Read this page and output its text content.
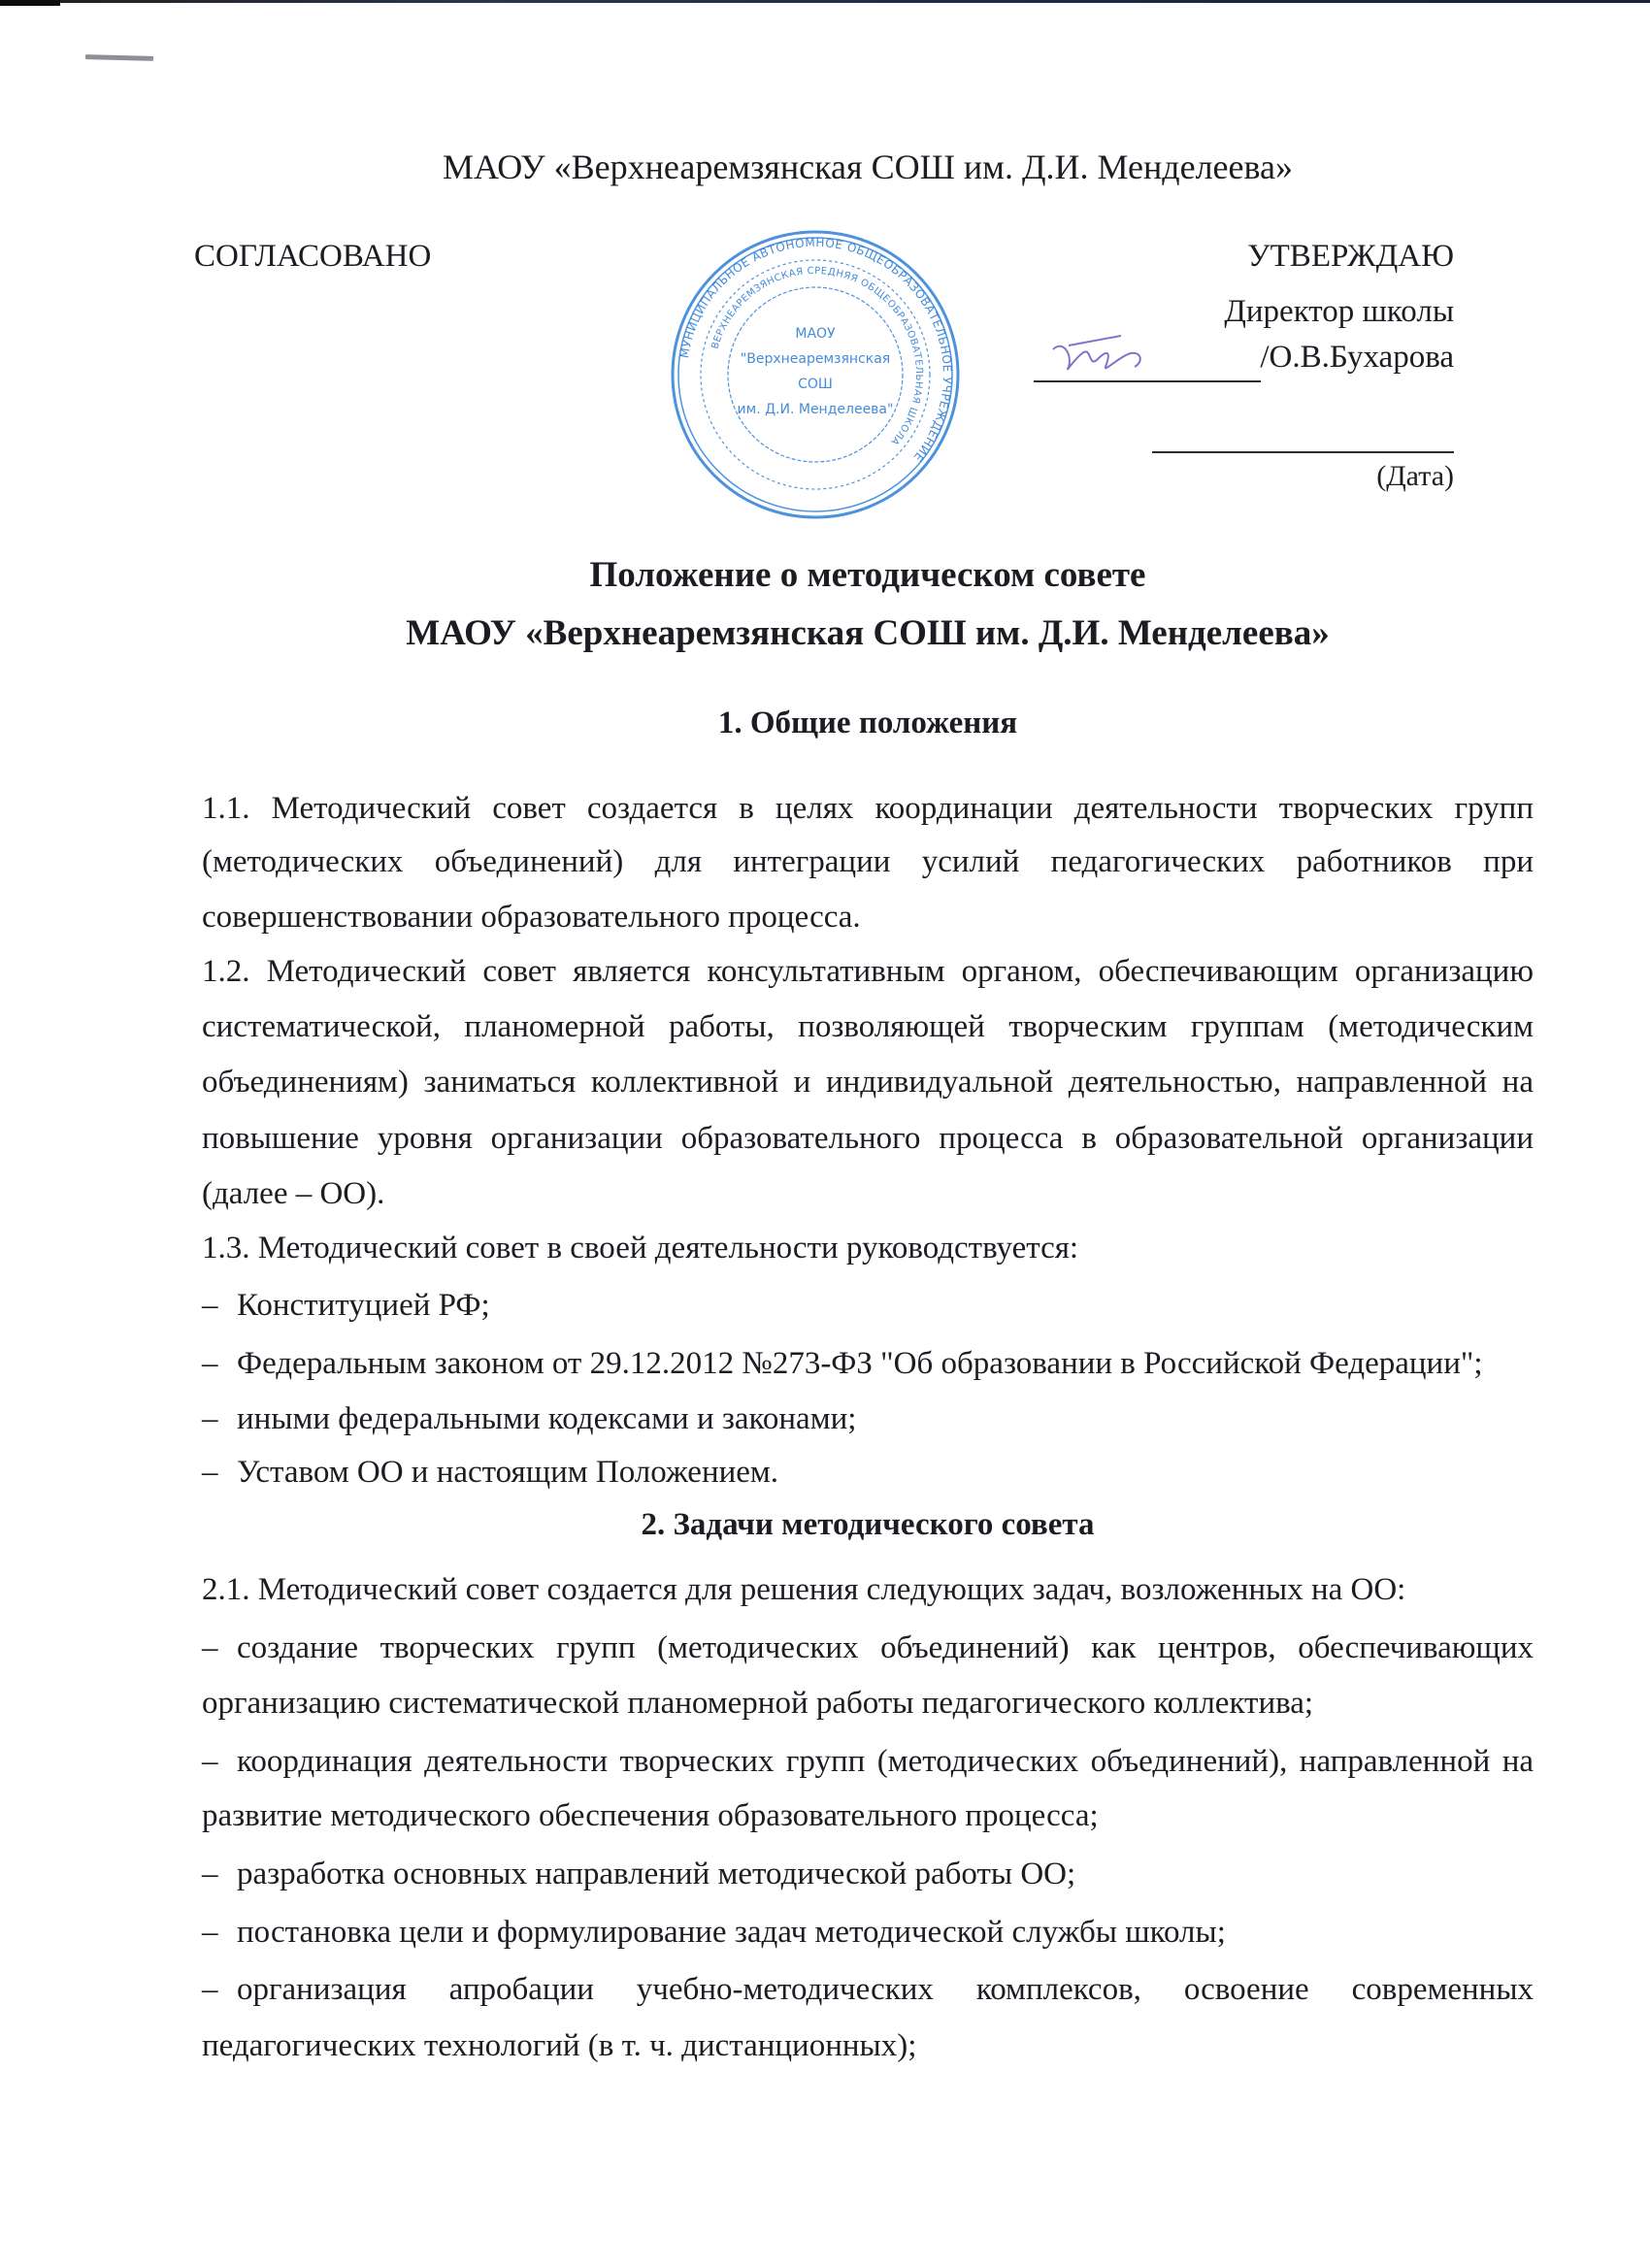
МАОУ «Верхнеаремзянская СОШ им. Д.И. Менделеева»
СОГЛАСОВАНО
МУНИЦИПАЛЬНОЕ АВТОНОМНОЕ ОБЩЕОБРАЗОВАТЕЛЬНОЕ УЧРЕЖДЕНИЕ
ВЕРХНЕАРЕМЗЯНСКАЯ СРЕДНЯЯ ОБЩЕОБРАЗОВАТЕЛЬНАЯ ШКОЛА
МАОУ
"Верхнеаремзянская
СОШ
им. Д.И. Менделеева"
УТВЕРЖДАЮ
Директор школы
/О.В.Бухарова
(Дата)
Положение о методическом совете
МАОУ «Верхнеаремзянская СОШ им. Д.И. Менделеева»
1. Общие положения
1.1. Методический совет создается в целях координации деятельности творческих групп
(методических объединений) для интеграции усилий педагогических работников при
совершенствовании образовательного процесса.
1.2. Методический совет является консультативным органом, обеспечивающим организацию
систематической, планомерной работы, позволяющей творческим группам (методическим
объединениям) заниматься коллективной и индивидуальной деятельностью, направленной на
повышение уровня организации образовательного процесса в образовательной организации
(далее – ОО).
1.3. Методический совет в своей деятельности руководствуется:
– Конституцией РФ;
– Федеральным законом от 29.12.2012 №273-ФЗ "Об образовании в Российской Федерации";
– иными федеральными кодексами и законами;
– Уставом ОО и настоящим Положением.
2. Задачи методического совета
2.1. Методический совет создается для решения следующих задач, возложенных на ОО:
– создание творческих групп (методических объединений) как центров, обеспечивающих
организацию систематической планомерной работы педагогического коллектива;
– координация деятельности творческих групп (методических объединений), направленной на
развитие методического обеспечения образовательного процесса;
– разработка основных направлений методической работы ОО;
– постановка цели и формулирование задач методической службы школы;
– организация апробации учебно-методических комплексов, освоение современных
педагогических технологий (в т. ч. дистанционных);
